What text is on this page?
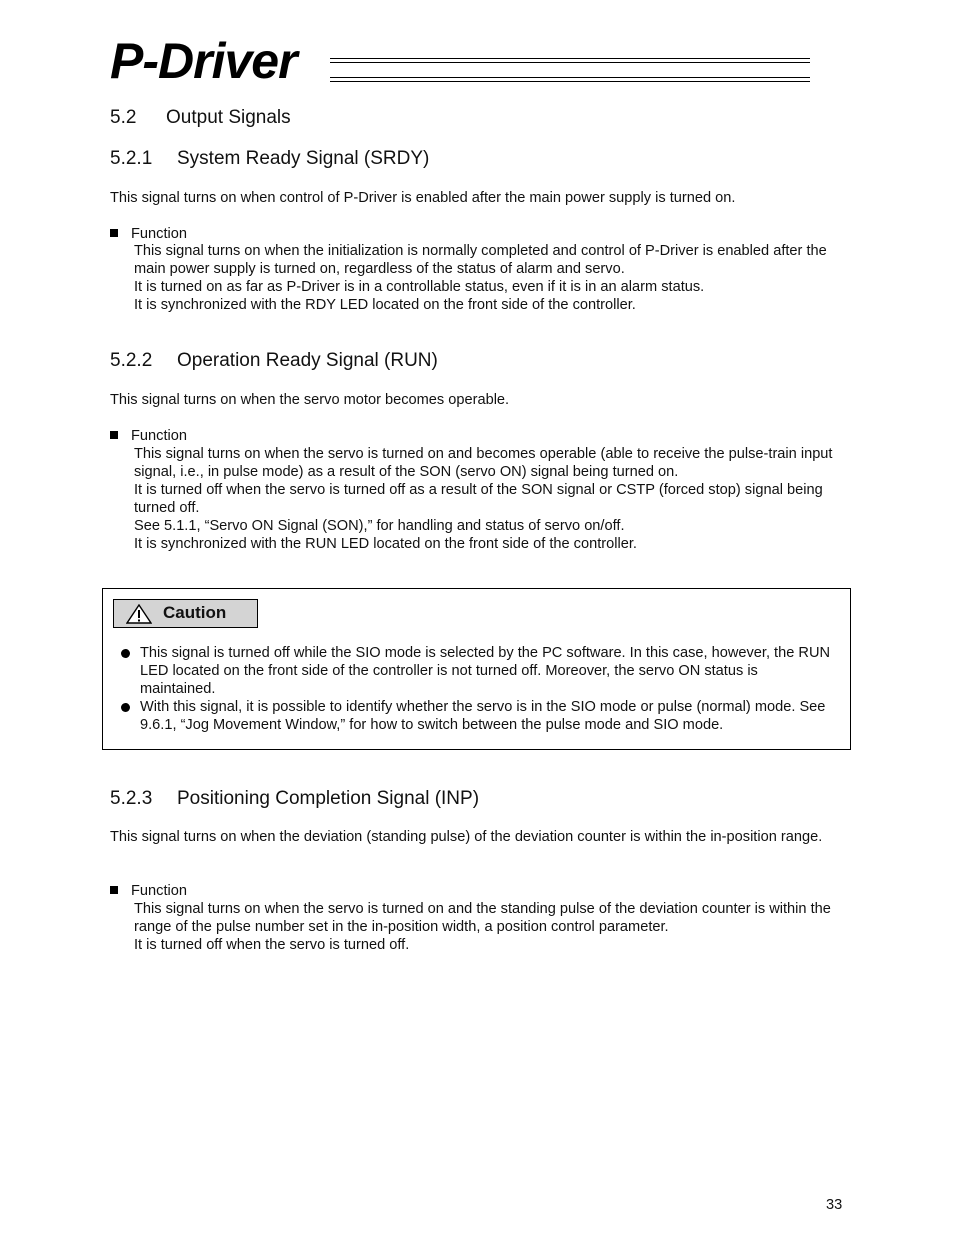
P-Driver
5.2 Output Signals
5.2.1 System Ready Signal (SRDY)
This signal turns on when control of P-Driver is enabled after the main power supply is turned on.
Function
This signal turns on when the initialization is normally completed and control of P-Driver is enabled after the main power supply is turned on, regardless of the status of alarm and servo.
It is turned on as far as P-Driver is in a controllable status, even if it is in an alarm status.
It is synchronized with the RDY LED located on the front side of the controller.
5.2.2 Operation Ready Signal (RUN)
This signal turns on when the servo motor becomes operable.
Function
This signal turns on when the servo is turned on and becomes operable (able to receive the pulse-train input signal, i.e., in pulse mode) as a result of the SON (servo ON) signal being turned on.
It is turned off when the servo is turned off as a result of the SON signal or CSTP (forced stop) signal being turned off.
See 5.1.1, “Servo ON Signal (SON),” for handling and status of servo on/off.
It is synchronized with the RUN LED located on the front side of the controller.
Caution
This signal is turned off while the SIO mode is selected by the PC software. In this case, however, the RUN LED located on the front side of the controller is not turned off. Moreover, the servo ON status is maintained.
With this signal, it is possible to identify whether the servo is in the SIO mode or pulse (normal) mode. See 9.6.1, “Jog Movement Window,” for how to switch between the pulse mode and SIO mode.
5.2.3 Positioning Completion Signal (INP)
This signal turns on when the deviation (standing pulse) of the deviation counter is within the in-position range.
Function
This signal turns on when the servo is turned on and the standing pulse of the deviation counter is within the range of the pulse number set in the in-position width, a position control parameter.
It is turned off when the servo is turned off.
33
